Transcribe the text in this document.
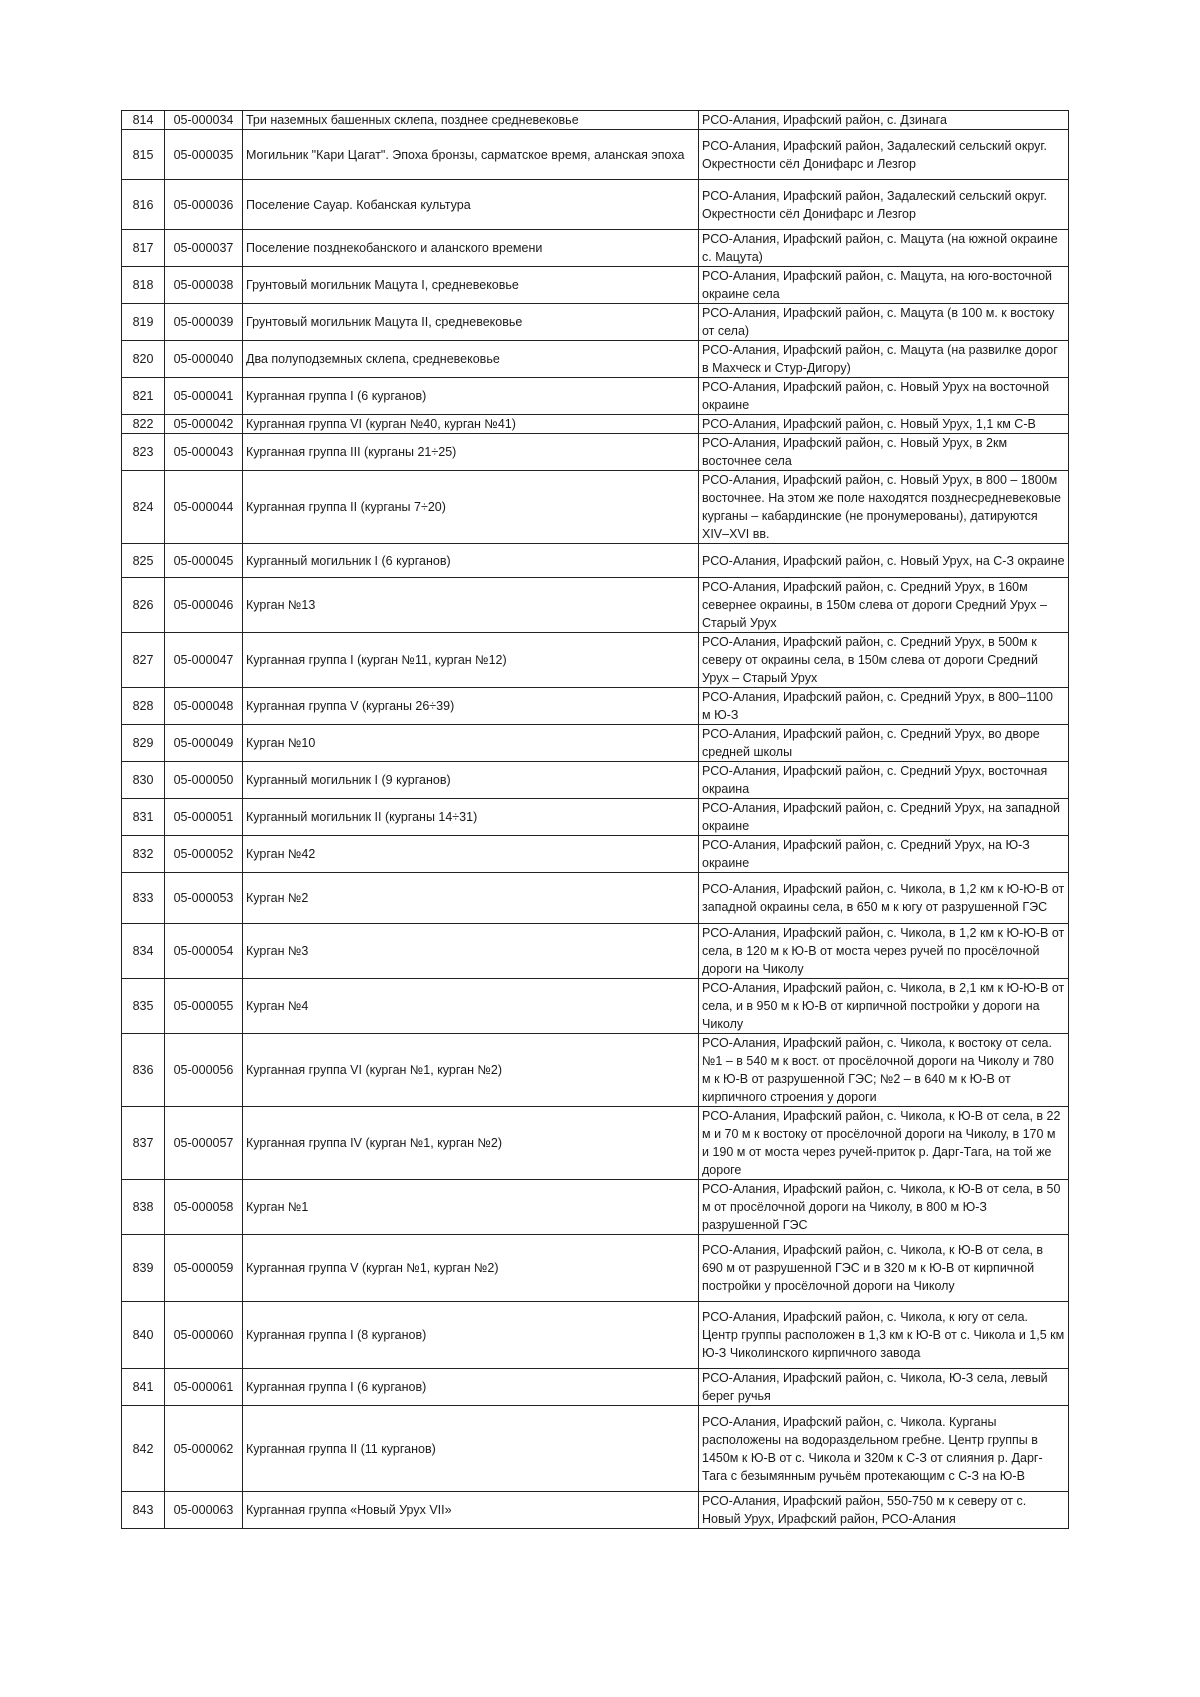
814	05-000034	Три наземных башенных склепа, позднее средневековье	РСО-Алания, Ирафский район, с. Дзинага
815	05-000035	Могильник "Кари Цагат". Эпоха бронзы, сарматское время, аланская эпоха	РСО-Алания, Ирафский район, Задалеский сельский округ. Окрестности сёл Донифарс и Лезгор
816	05-000036	Поселение Сауар. Кобанская культура	РСО-Алания, Ирафский район, Задалеский сельский округ. Окрестности сёл Донифарс и Лезгор
817	05-000037	Поселение позднекобанского и аланского времени	РСО-Алания, Ирафский район, с. Мацута (на южной окраине с. Мацута)
818	05-000038	Грунтовый могильник Мацута I, средневековье	РСО-Алания, Ирафский район, с. Мацута, на юго-восточной окраине села
819	05-000039	Грунтовый могильник Мацута II, средневековье	РСО-Алания, Ирафский район, с. Мацута (в 100 м. к востоку от села)
820	05-000040	Два полуподземных склепа, средневековье	РСО-Алания, Ирафский район, с. Мацута (на развилке дорог в Махческ и Стур-Дигору)
821	05-000041	Курганная группа I (6 курганов)	РСО-Алания, Ирафский район, с. Новый Урух на восточной окраине
822	05-000042	Курганная группа VI (курган №40, курган №41)	РСО-Алания, Ирафский район, с. Новый Урух, 1,1 км С-В
823	05-000043	Курганная группа III (курганы 21÷25)	РСО-Алания, Ирафский район, с. Новый Урух, в 2км восточнее села
824	05-000044	Курганная группа II (курганы 7÷20)	РСО-Алания, Ирафский район, с. Новый Урух, в 800 – 1800м восточнее. На этом же поле находятся позднесредневековые курганы – кабардинские (не пронумерованы), датируются XIV–XVI вв.
825	05-000045	Курганный могильник I (6 курганов)	РСО-Алания, Ирафский район, с. Новый Урух, на С-З окраине
826	05-000046	Курган №13	РСО-Алания, Ирафский район, с. Средний Урух, в 160м севернее окраины, в 150м слева от дороги Средний Урух – Старый Урух
827	05-000047	Курганная группа I (курган №11, курган №12)	РСО-Алания, Ирафский район, с. Средний Урух, в 500м к северу от окраины села, в 150м слева от дороги Средний Урух – Старый Урух
828	05-000048	Курганная группа V (курганы 26÷39)	РСО-Алания, Ирафский район, с. Средний Урух, в 800–1100 м Ю-З
829	05-000049	Курган №10	РСО-Алания, Ирафский район, с. Средний Урух, во дворе средней школы
830	05-000050	Курганный могильник I (9 курганов)	РСО-Алания, Ирафский район, с. Средний Урух, восточная окраина
831	05-000051	Курганный могильник II (курганы 14÷31)	РСО-Алания, Ирафский район, с. Средний Урух, на западной окраине
832	05-000052	Курган №42	РСО-Алания, Ирафский район, с. Средний Урух, на Ю-З окраине
833	05-000053	Курган №2	РСО-Алания, Ирафский район, с. Чикола, в 1,2 км к Ю-Ю-В от западной окраины села, в 650 м к югу от разрушенной ГЭС
834	05-000054	Курган №3	РСО-Алания, Ирафский район, с. Чикола, в 1,2 км к Ю-Ю-В от села, в 120 м к Ю-В от моста через ручей по просёлочной дороги на Чиколу
835	05-000055	Курган №4	РСО-Алания, Ирафский район, с. Чикола, в 2,1 км к Ю-Ю-В от села, и в 950 м к Ю-В от кирпичной постройки у дороги на Чиколу
836	05-000056	Курганная группа VI (курган №1, курган №2)	РСО-Алания, Ирафский район, с. Чикола, к востоку от села.№1 – в 540 м к вост. от просёлочной дороги на Чиколу и 780 м к Ю-В от разрушенной ГЭС; №2 – в 640 м к Ю-В от кирпичного строения у дороги
837	05-000057	Курганная группа IV (курган №1, курган №2)	РСО-Алания, Ирафский район, с. Чикола, к Ю-В от села, в 22 м и 70 м к востоку от просёлочной дороги на Чиколу, в 170 м и 190 м от моста через ручей-приток р. Дарг-Тага, на той же дороге
838	05-000058	Курган №1	РСО-Алания, Ирафский район, с. Чикола, к Ю-В от села, в 50 м от просёлочной дороги на Чиколу, в 800 м Ю-З разрушенной ГЭС
839	05-000059	Курганная группа V (курган №1, курган №2)	РСО-Алания, Ирафский район, с. Чикола, к Ю-В от села, в 690 м от разрушенной ГЭС и в 320 м к Ю-В от кирпичной постройки у просёлочной дороги на Чиколу
840	05-000060	Курганная группа I (8 курганов)	РСО-Алания, Ирафский район, с. Чикола, к югу от села. Центр группы расположен в 1,3 км к Ю-В от с. Чикола и 1,5 км Ю-З Чиколинского кирпичного завода
841	05-000061	Курганная группа I (6 курганов)	РСО-Алания, Ирафский район, с. Чикола, Ю-З села, левый берег ручья
842	05-000062	Курганная группа II (11 курганов)	РСО-Алания, Ирафский район, с. Чикола. Курганы расположены на водораздельном гребне. Центр группы в 1450м к Ю-В от с. Чикола и 320м к С-З от слияния р. Дарг-Тага с безымянным ручьём протекающим с С-З на Ю-В
843	05-000063	Курганная группа «Новый Урух VII»	РСО-Алания, Ирафский район, 550-750 м к северу от с. Новый Урух, Ирафский район, РСО-Алания
